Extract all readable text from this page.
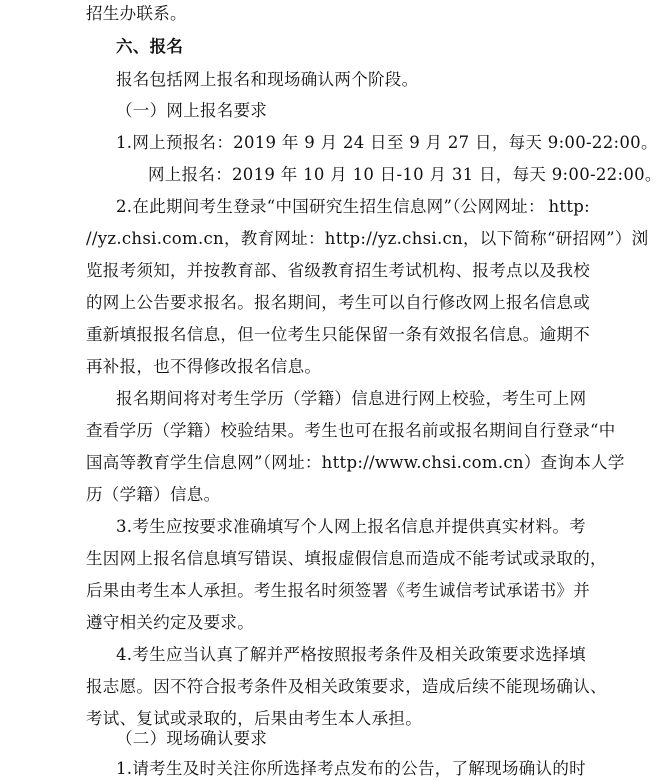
招生办联系。
六、报名
报名包括网上报名和现场确认两个阶段。
（一）网上报名要求
1.网上预报名：2019 年 9 月 24 日至 9 月 27 日，每天 9:00-22:00。
网上报名：2019 年 10 月 10 日-10 月 31 日，每天 9:00-22:00。
2.在此期间考生登录“中国研究生招生信息网”（公网网址： http:
//yz.chsi.com.cn，教育网址：http://yz.chsi.cn，以下简称“研招网”）浏
览报考须知，并按教育部、省级教育招生考试机构、报考点以及我校
的网上公告要求报名。报名期间，考生可以自行修改网上报名信息或
重新填报报名信息，但一位考生只能保留一条有效报名信息。逾期不
再补报，也不得修改报名信息。
报名期间将对考生学历（学籍）信息进行网上校验，考生可上网
查看学历（学籍）校验结果。考生也可在报名前或报名期间自行登录“中
国高等教育学生信息网”（网址：http://www.chsi.com.cn）查询本人学
历（学籍）信息。
3.考生应按要求准确填写个人网上报名信息并提供真实材料。考
生因网上报名信息填写错误、填报虚假信息而造成不能考试或录取的，
后果由考生本人承担。考生报名时须签署《考生诚信考试承诺书》并
遵守相关约定及要求。
4.考生应当认真了解并严格按照报考条件及相关政策要求选择填
报志愿。因不符合报考条件及相关政策要求，造成后续不能现场确认、
考试、复试或录取的，后果由考生本人承担。
（二）现场确认要求
1.请考生及时关注你所选择考点发布的公告，了解现场确认的时
